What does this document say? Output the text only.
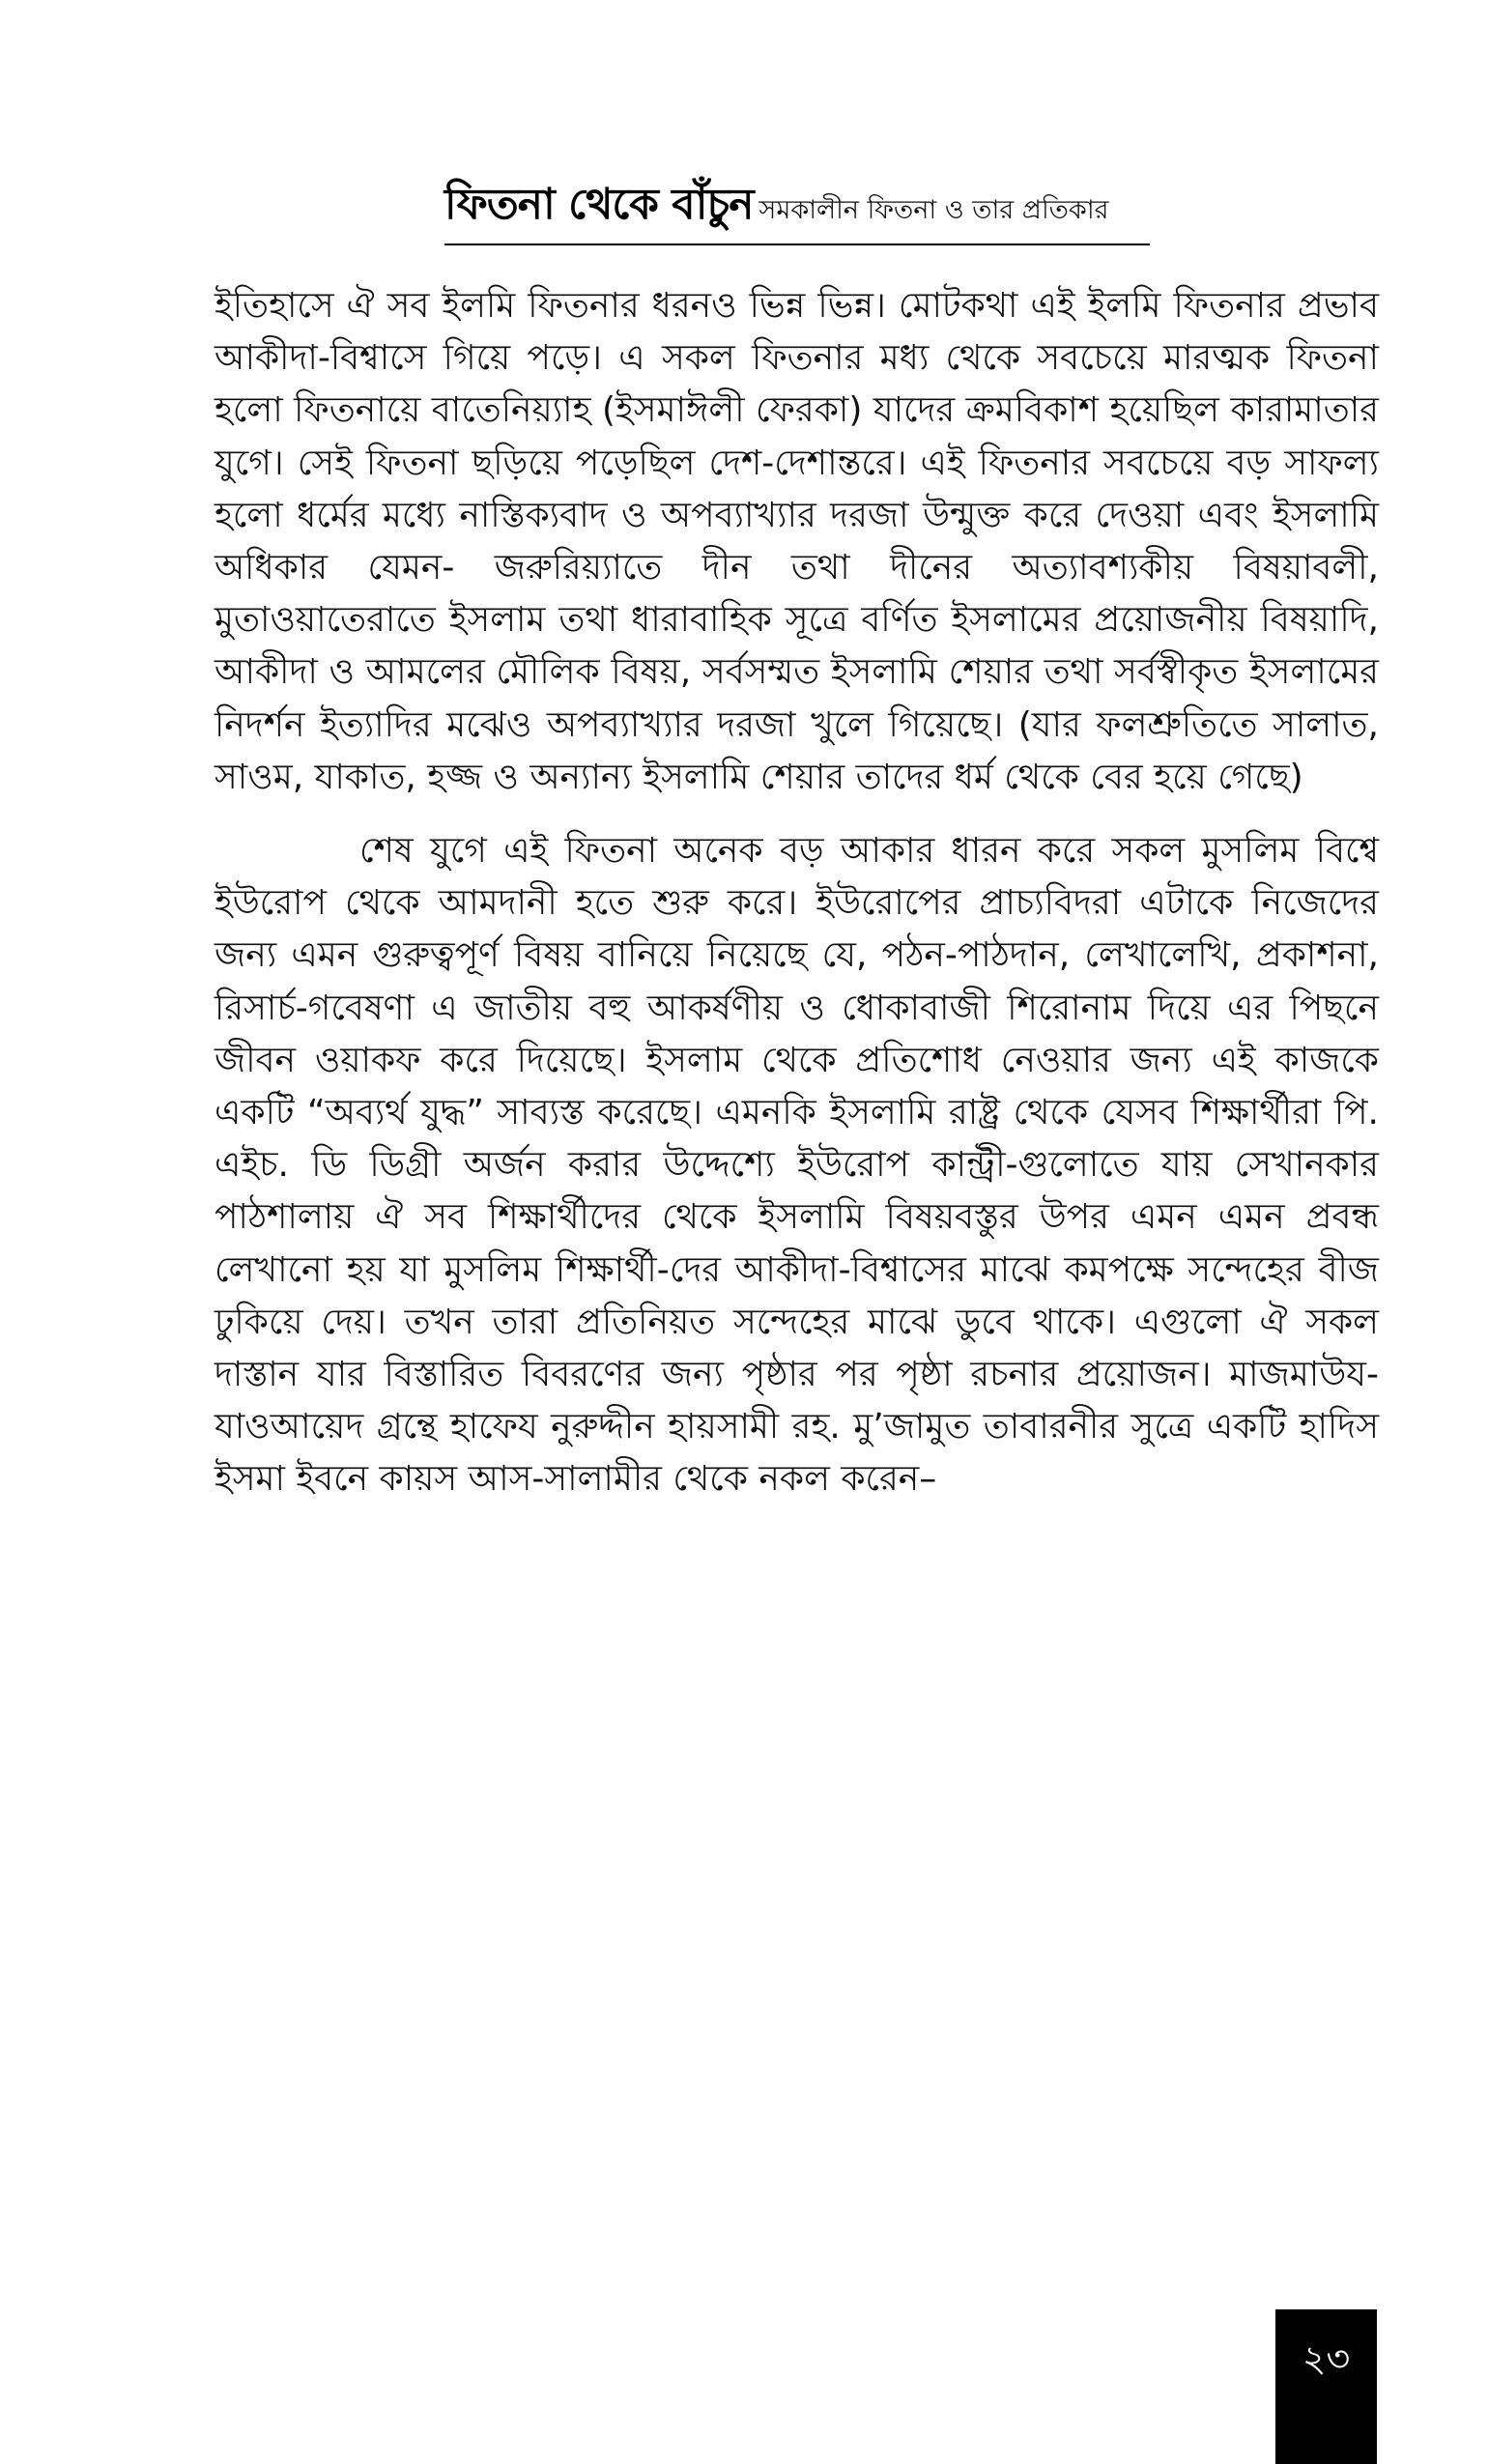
ফিতনা থেকে বাঁচুন সমকালীন ফিতনা ও তার প্রতিকার

ইতিহাসে ঐ সব ইলমি ফিতনার ধরনও ভিন্ন ভিন্ন। মোটকথা এই ইলমি ফিতনার প্রভাব আকীদা-বিশ্বাসে গিয়ে পড়ে। এ সকল ফিতনার মধ্য থেকে সবচেয়ে মারত্মক ফিতনা হলো ফিতনায়ে বাতেনিয়্যাহ (ইসমাঈলী ফেরকা) যাদের ক্রমবিকাশ হয়েছিল কারামাতার যুগে। সেই ফিতনা ছড়িয়ে পড়েছিল দেশ-দেশান্তরে। এই ফিতনার সবচেয়ে বড় সাফল্য হলো ধর্মের মধ্যে নাস্তিক্যবাদ ও অপব্যাখ্যার দরজা উন্মুক্ত করে দেওয়া এবং ইসলামি অধিকার যেমন- জরুরিয়্যাতে দীন তথা দীনের অত্যাবশ্যকীয় বিষয়াবলী, মুতাওয়াতেরাতে ইসলাম তথা ধারাবাহিক সূত্রে বর্ণিত ইসলামের প্রয়োজনীয় বিষয়াদি, আকীদা ও আমলের মৌলিক বিষয়, সর্বসম্মত ইসলামি শেয়ার তথা সর্বস্বীকৃত ইসলামের নিদর্শন ইত্যাদির মঝেও অপব্যাখ্যার দরজা খুলে গিয়েছে। (যার ফলশ্রুতিতে সালাত, সাওম, যাকাত, হজ্জ ও অন্যান্য ইসলামি শেয়ার তাদের ধর্ম থেকে বের হয়ে গেছে)

শেষ যুগে এই ফিতনা অনেক বড় আকার ধারন করে সকল মুসলিম বিশ্বে ইউরোপ থেকে আমদানী হতে শুরু করে। ইউরোপের প্রাচ্যবিদরা এটাকে নিজেদের জন্য এমন গুরুত্বপূর্ণ বিষয় বানিয়ে নিয়েছে যে, পঠন-পাঠদান, লেখালেখি, প্রকাশনা, রিসার্চ-গবেষণা এ জাতীয় বহু আকর্ষণীয় ও ধোকাবাজী শিরোনাম দিয়ে এর পিছনে জীবন ওয়াকফ করে দিয়েছে। ইসলাম থেকে প্রতিশোধ নেওয়ার জন্য এই কাজকে একটি “অব্যর্থ যুদ্ধ” সাব্যস্ত করেছে। এমনকি ইসলামি রাষ্ট্র থেকে যেসব শিক্ষার্থীরা পি. এইচ. ডি ডিগ্রী অর্জন করার উদ্দেশ্যে ইউরোপ কান্ট্রী-গুলোতে যায় সেখানকার পাঠশালায় ঐ সব শিক্ষার্থীদের থেকে ইসলামি বিষয়বস্তুর উপর এমন এমন প্রবন্ধ লেখানো হয় যা মুসলিম শিক্ষার্থী-দের আকীদা-বিশ্বাসের মাঝে কমপক্ষে সন্দেহের বীজ ঢুকিয়ে দেয়। তখন তারা প্রতিনিয়ত সন্দেহের মাঝে ডুবে থাকে। এগুলো ঐ সকল দাস্তান যার বিস্তারিত বিবরণের জন্য পৃষ্ঠার পর পৃষ্ঠা রচনার প্রয়োজন। মাজমাউয-যাওআয়েদ গ্রন্থে হাফেয নুরুদ্দীন হায়সামী রহ. মু’জামুত তাবারনীর সুত্রে একটি হাদিস ইসমা ইবনে কায়স আস-সালামীর থেকে নকল করেন–

২৩
